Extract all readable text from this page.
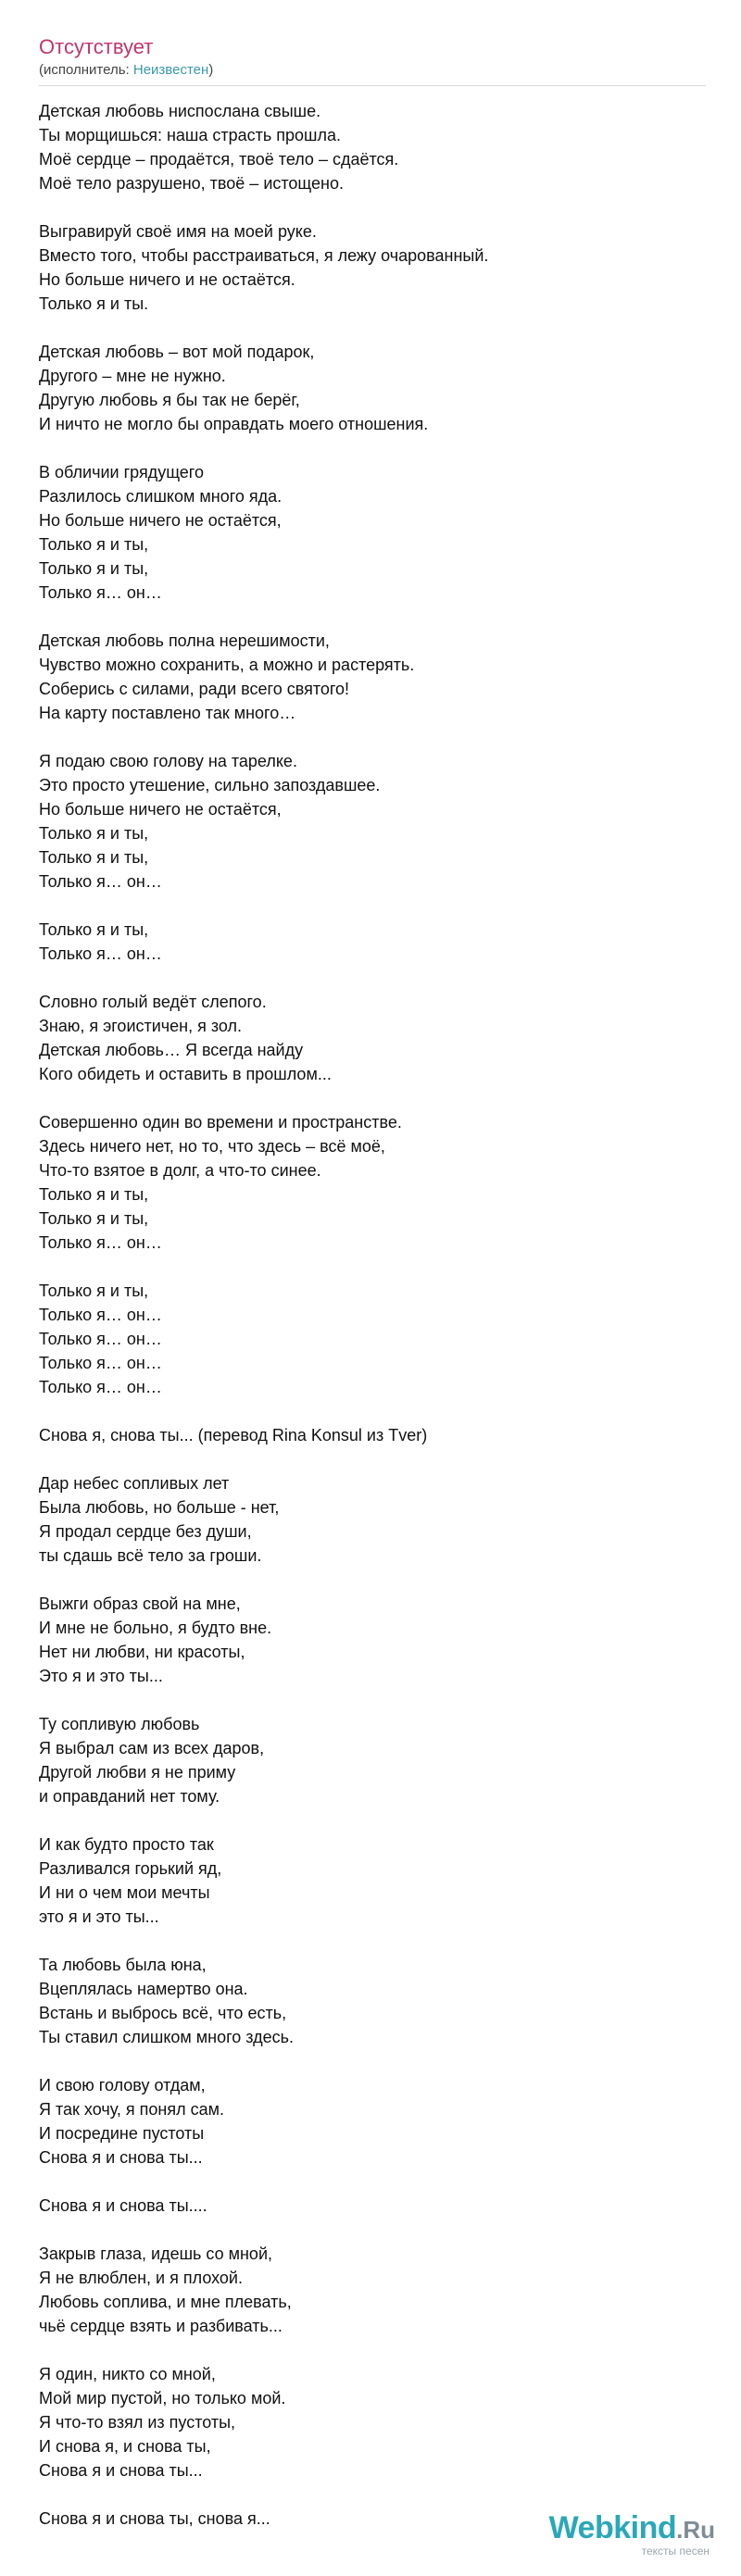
Отсутствует
(исполнитель: Неизвестен)
Детская любовь ниспослана свыше.
Ты морщишься: наша страсть прошла.
Моё сердце – продаётся, твоё тело – сдаётся.
Моё тело разрушено, твоё – истощено.
Выгравируй своё имя на моей руке.
Вместо того, чтобы расстраиваться, я лежу очарованный.
Но больше ничего и не остаётся.
Только я и ты.
Детская любовь – вот мой подарок,
Другого – мне не нужно.
Другую любовь я бы так не берёг,
И ничто не могло бы оправдать моего отношения.
В обличии грядущего
Разлилось слишком много яда.
Но больше ничего не остаётся,
Только я и ты,
Только я и ты,
Только я… он…
Детская любовь полна нерешимости,
Чувство можно сохранить, а можно и растерять.
Соберись с силами, ради всего святого!
На карту поставлено так много…
Я подаю свою голову на тарелке.
Это просто утешение, сильно запоздавшее.
Но больше ничего не остаётся,
Только я и ты,
Только я и ты,
Только я… он…
Только я и ты,
Только я… он…
Словно голый ведёт слепого.
Знаю, я эгоистичен, я зол.
Детская любовь… Я всегда найду
Кого обидеть и оставить в прошлом...
Совершенно один во времени и пространстве.
Здесь ничего нет, но то, что здесь – всё моё,
Что-то взятое в долг, а что-то синее.
Только я и ты,
Только я и ты,
Только я… он…
Только я и ты,
Только я… он…
Только я… он…
Только я… он…
Только я… он…
Снова я, снова ты... (перевод Rina Konsul из Tver)
Дар небес сопливых лет
Была любовь, но больше - нет,
Я продал сердце без души,
ты сдашь всё тело за гроши.
Выжги образ свой на мне,
И мне не больно, я будто вне.
Нет ни любви, ни красоты,
Это я и это ты...
Ту сопливую любовь
Я выбрал сам из всех даров,
Другой любви я не приму
и оправданий нет тому.
И как будто просто так
Разливался горький яд,
И ни о чем мои мечты
это я и это ты...
Та любовь была юна,
Вцеплялась намертво она.
Встань и выбрось всё, что есть,
Ты ставил слишком много здесь.
И свою голову отдам,
Я так хочу, я понял сам.
И посредине пустоты
Снова я и снова ты...
Снова я и снова ты....
Закрыв глаза, идешь со мной,
Я не влюблен, и я плохой.
Любовь соплива, и мне плевать,
чьё сердце взять и разбивать...
Я один, никто со мной,
Мой мир пустой, но только мой.
Я что-то взял из пустоты,
И снова я, и снова ты,
Снова я и снова ты...
Снова я и снова ты, снова я...	Webkind.Ru
тексты песен
